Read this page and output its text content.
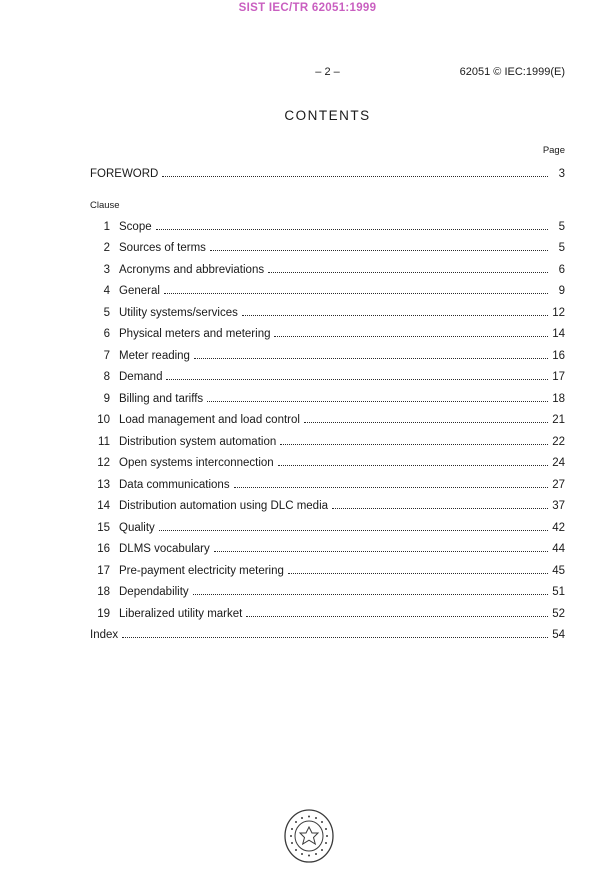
SIST IEC/TR 62051:1999
– 2 –	62051 © IEC:1999(E)
CONTENTS
Page
FOREWORD	3
Clause
1 Scope	5
2 Sources of terms	5
3 Acronyms and abbreviations	6
4 General	9
5 Utility systems/services	12
6 Physical meters and metering	14
7 Meter reading	16
8 Demand	17
9 Billing and tariffs	18
10 Load management and load control	21
11 Distribution system automation	22
12 Open systems interconnection	24
13 Data communications	27
14 Distribution automation using DLC media	37
15 Quality	42
16 DLMS vocabulary	44
17 Pre-payment electricity metering	45
18 Dependability	51
19 Liberalized utility market	52
Index	54
